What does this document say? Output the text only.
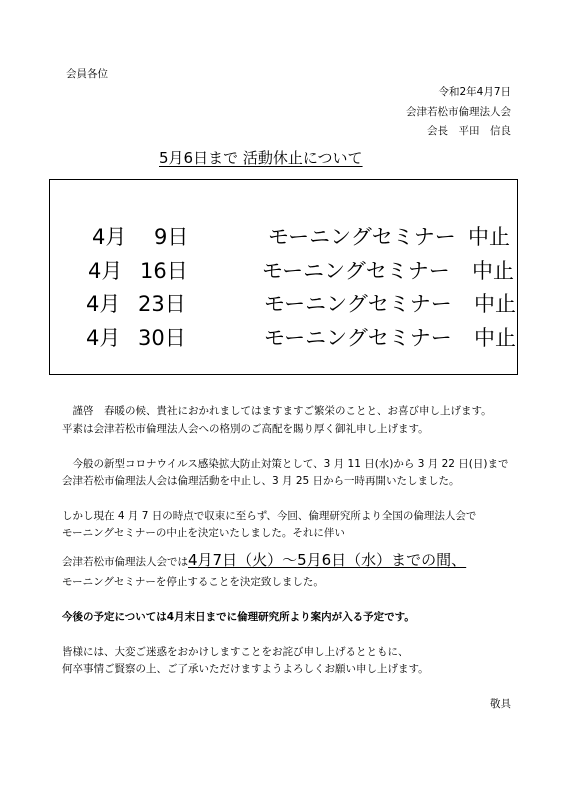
会員各位
令和2年4月7日
会津若松市倫理法人会
会長　平田　信良
5月6日まで 活動休止について
4月 9日	モーニングセミナー 中止
4月 16日	モーニングセミナー 中止
4月 23日	モーニングセミナー 中止
4月 30日	モーニングセミナー 中止
　謹啓　春暖の候、貴社におかれましてはますますご繁栄のことと、お喜び申し上げます。
平素は会津若松市倫理法人会への格別のご高配を賜り厚く御礼申し上げます。
　今般の新型コロナウイルス感染拡大防止対策として、3 月 11 日(水)から 3 月 22 日(日)まで
会津若松市倫理法人会は倫理活動を中止し、3 月 25 日から一時再開いたしました。
しかし現在 4 月 7 日の時点で収束に至らず、今回、倫理研究所より全国の倫理法人会で
モーニングセミナーの中止を決定いたしました。それに伴い
会津若松市倫理法人会では4月7日（火）～5月6日（水）までの間、
モーニングセミナーを停止することを決定致しました。
今後の予定については4月末日までに倫理研究所より案内が入る予定です。
皆様には、大変ご迷惑をおかけしますことをお詫び申し上げるとともに、
何卒事情ご賢察の上、ご了承いただけますようよろしくお願い申し上げます。
敬具
